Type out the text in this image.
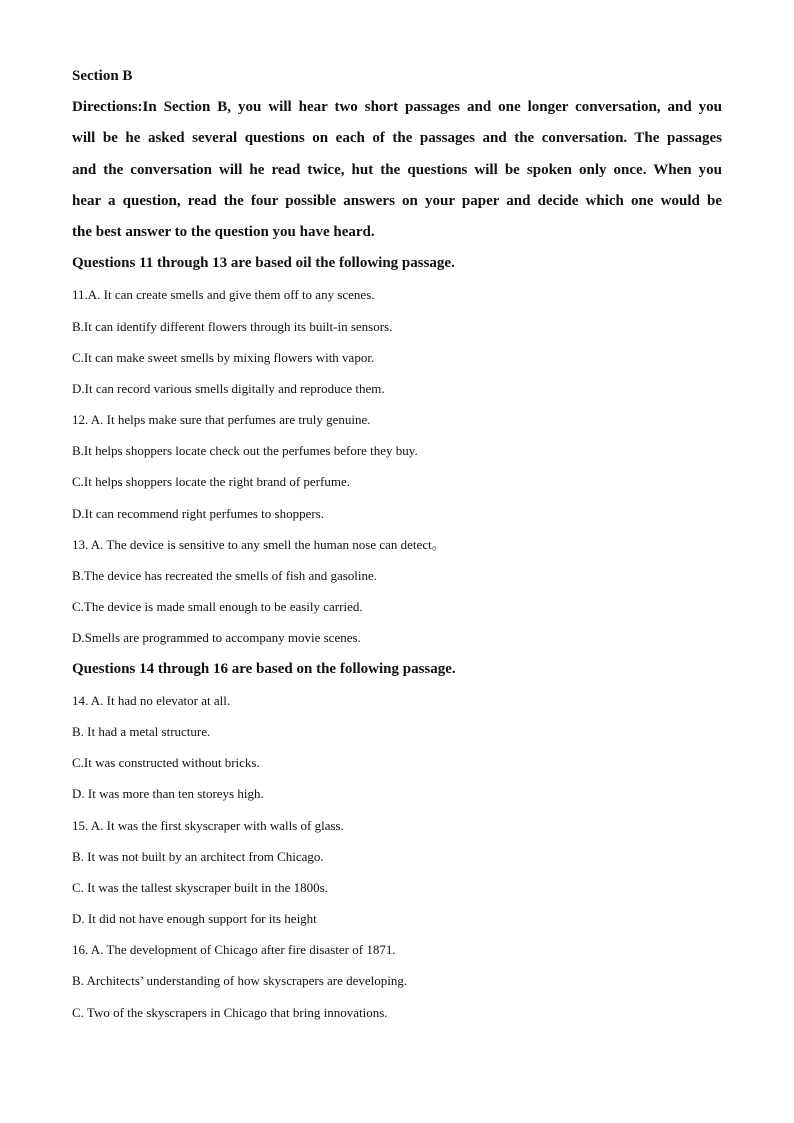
Section B
Directions:In Section B, you will hear two short passages and one longer conversation, and you
will be he asked several questions on each of the passages and the conversation. The passages
and the conversation will he read twice, hut the questions will be spoken only once. When you
hear a question, read the four possible answers on your paper and decide which one would be
the best answer to the question you have heard.
Questions 11 through 13 are based oil the following passage.
11.A. It can create smells and give them off to any scenes.
B.It can identify different flowers through its built-in sensors.
C.It can make sweet smells by mixing flowers with vapor.
D.It can record various smells digitally and reproduce them.
12. A. It helps make sure that perfumes are truly genuine.
B.It helps shoppers locate check out the perfumes before they buy.
C.It helps shoppers locate the right brand of perfume.
D.It can recommend right perfumes to shoppers.
13. A. The device is sensitive to any smell the human nose can detect。
B.The device has recreated the smells of fish and gasoline.
C.The device is made small enough to be easily carried.
D.Smells are programmed to accompany movie scenes.
Questions 14 through 16 are based on the following passage.
14. A. It had no elevator at all.
B. It had a metal structure.
C.It was constructed without bricks.
D. It was more than ten storeys high.
15. A. It was the first skyscraper with walls of glass.
B. It was not built by an architect from Chicago.
C. It was the tallest skyscraper built in the 1800s.
D. It did not have enough support for its height
16. A. The development of Chicago after fire disaster of 1871.
B. Architects’ understanding of how skyscrapers are developing.
C. Two of the skyscrapers in Chicago that bring innovations.
